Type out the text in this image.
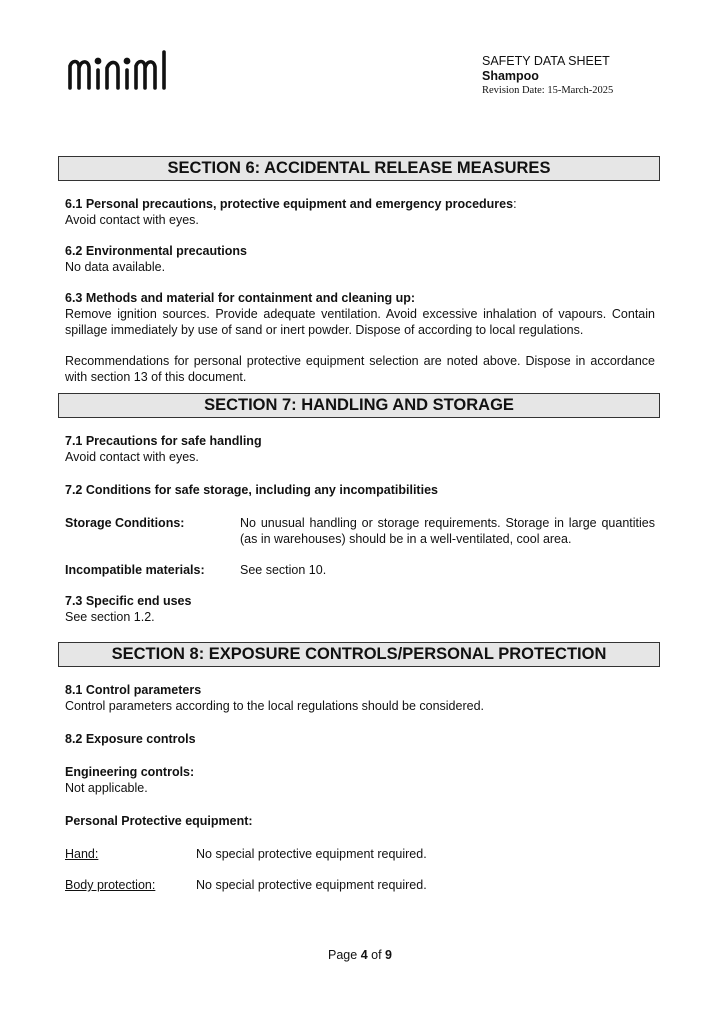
SAFETY DATA SHEET
Shampoo
Revision Date: 15-March-2025
SECTION 6: ACCIDENTAL RELEASE MEASURES

6.1 Personal precautions, protective equipment and emergency procedures:

Avoid contact with eyes.

6.2 Environmental precautions

No data available.

6.3 Methods and material for containment and cleaning up:

Remove ignition sources. Provide adequate ventilation. Avoid excessive inhalation of vapours. Contain spillage immediately by use of sand or inert powder. Dispose of according to local regulations.

Recommendations for personal protective equipment selection are noted above. Dispose in accordance with section 13 of this document.

SECTION 7: HANDLING AND STORAGE

7.1 Precautions for safe handling

Avoid contact with eyes.

7.2 Conditions for safe storage, including any incompatibilities

Storage Conditions:	No unusual handling or storage requirements. Storage in large quantities (as in warehouses) should be in a well-ventilated, cool area.
Incompatible materials:	See section 10.

7.3 Specific end uses

See section 1.2.

SECTION 8: EXPOSURE CONTROLS/PERSONAL PROTECTION

8.1 Control parameters

Control parameters according to the local regulations should be considered.

8.2 Exposure controls

Engineering controls:

Not applicable.

Personal Protective equipment:

Hand:	No special protective equipment required.
Body protection:	No special protective equipment required.
Page 4 of 9
